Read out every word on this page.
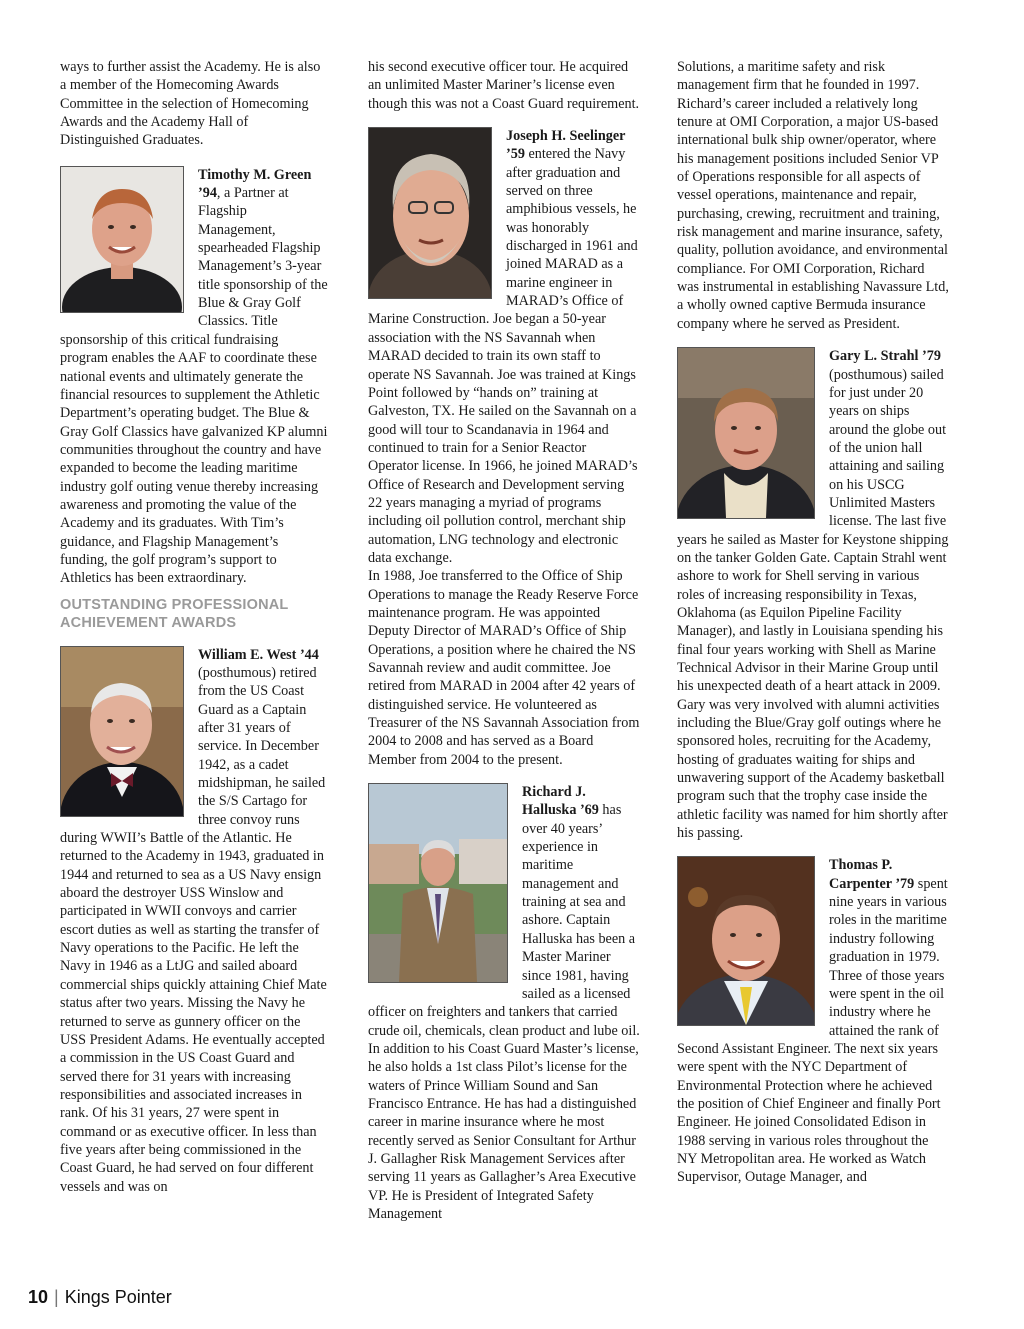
ways to further assist the Academy. He is also a member of the Homecoming Awards Committee in the selection of Homecoming Awards and the Academy Hall of Distinguished Graduates.

Timothy M. Green ’94, a Partner at Flagship Management, spearheaded Flagship Management’s 3-year title sponsorship of the Blue & Gray Golf Classics. Title sponsorship of this critical fundraising program enables the AAF to coordinate these national events and ultimately generate the financial resources to supplement the Athletic Department’s operating budget. The Blue & Gray Golf Classics have galvanized KP alumni communities throughout the country and have expanded to become the leading maritime industry golf outing venue thereby increasing awareness and promoting the value of the Academy and its graduates. With Tim’s guidance, and Flagship Management’s funding, the golf program’s support to Athletics has been extraordinary.

OUTSTANDING PROFESSIONAL ACHIEVEMENT AWARDS

William E. West ’44 (posthumous) retired from the US Coast Guard as a Captain after 31 years of service. In December 1942, as a cadet midshipman, he sailed the S/S Cartago for three convoy runs during WWII’s Battle of the Atlantic. He returned to the Academy in 1943, graduated in 1944 and returned to sea as a US Navy ensign aboard the destroyer USS Winslow and participated in WWII convoys and carrier escort duties as well as starting the transfer of Navy operations to the Pacific. He left the Navy in 1946 as a LtJG and sailed aboard commercial ships quickly attaining Chief Mate status after two years. Missing the Navy he returned to serve as gunnery officer on the USS President Adams. He eventually accepted a commission in the US Coast Guard and served there for 31 years with increasing responsibilities and associated increases in rank. Of his 31 years, 27 were spent in command or as executive officer. In less than five years after being commissioned in the Coast Guard, he had served on four different vessels and was on

his second executive officer tour. He acquired an unlimited Master Mariner’s license even though this was not a Coast Guard requirement.

Joseph H. Seelinger ’59 entered the Navy after graduation and served on three amphibious vessels, he was honorably discharged in 1961 and joined MARAD as a marine engineer in MARAD’s Office of Marine Construction. Joe began a 50-year association with the NS Savannah when MARAD decided to train its own staff to operate NS Savannah. Joe was trained at Kings Point followed by “hands on” training at Galveston, TX. He sailed on the Savannah on a good will tour to Scandanavia in 1964 and continued to train for a Senior Reactor Operator license. In 1966, he joined MARAD’s Office of Research and Development serving 22 years managing a myriad of programs including oil pollution control, merchant ship automation, LNG technology and electronic data exchange.

In 1988, Joe transferred to the Office of Ship Operations to manage the Ready Reserve Force maintenance program. He was appointed Deputy Director of MARAD’s Office of Ship Operations, a position where he chaired the NS Savannah review and audit committee. Joe retired from MARAD in 2004 after 42 years of distinguished service. He volunteered as Treasurer of the NS Savannah Association from 2004 to 2008 and has served as a Board Member from 2004 to the present.

Richard J. Halluska ’69 has over 40 years’ experience in maritime management and training at sea and ashore. Captain Halluska has been a Master Mariner since 1981, having sailed as a licensed officer on freighters and tankers that carried crude oil, chemicals, clean product and lube oil. In addition to his Coast Guard Master’s license, he also holds a 1st class Pilot’s license for the waters of Prince William Sound and San Francisco Entrance. He has had a distinguished career in marine insurance where he most recently served as Senior Consultant for Arthur J. Gallagher Risk Management Services after serving 11 years as Gallagher’s Area Executive VP. He is President of Integrated Safety Management

Solutions, a maritime safety and risk management firm that he founded in 1997. Richard’s career included a relatively long tenure at OMI Corporation, a major US-based international bulk ship owner/operator, where his management positions included Senior VP of Operations responsible for all aspects of vessel operations, maintenance and repair, purchasing, crewing, recruitment and training, risk management and marine insurance, safety, quality, pollution avoidance, and environmental compliance. For OMI Corporation, Richard was instrumental in establishing Navassure Ltd, a wholly owned captive Bermuda insurance company where he served as President.

Gary L. Strahl ’79 (posthumous) sailed for just under 20 years on ships around the globe out of the union hall attaining and sailing on his USCG Unlimited Masters license. The last five years he sailed as Master for Keystone shipping on the tanker Golden Gate. Captain Strahl went ashore to work for Shell serving in various roles of increasing responsibility in Texas, Oklahoma (as Equilon Pipeline Facility Manager), and lastly in Louisiana spending his final four years working with Shell as Marine Technical Advisor in their Marine Group until his unexpected death of a heart attack in 2009. Gary was very involved with alumni activities including the Blue/Gray golf outings where he sponsored holes, recruiting for the Academy, hosting of graduates waiting for ships and unwavering support of the Academy basketball program such that the trophy case inside the athletic facility was named for him shortly after his passing.

Thomas P. Carpenter ’79 spent nine years in various roles in the maritime industry following graduation in 1979. Three of those years were spent in the oil industry where he attained the rank of Second Assistant Engineer. The next six years were spent with the NYC Department of Environmental Protection where he achieved the position of Chief Engineer and finally Port Engineer. He joined Consolidated Edison in 1988 serving in various roles throughout the NY Metropolitan area. He worked as Watch Supervisor, Outage Manager, and

10 | Kings Pointer
